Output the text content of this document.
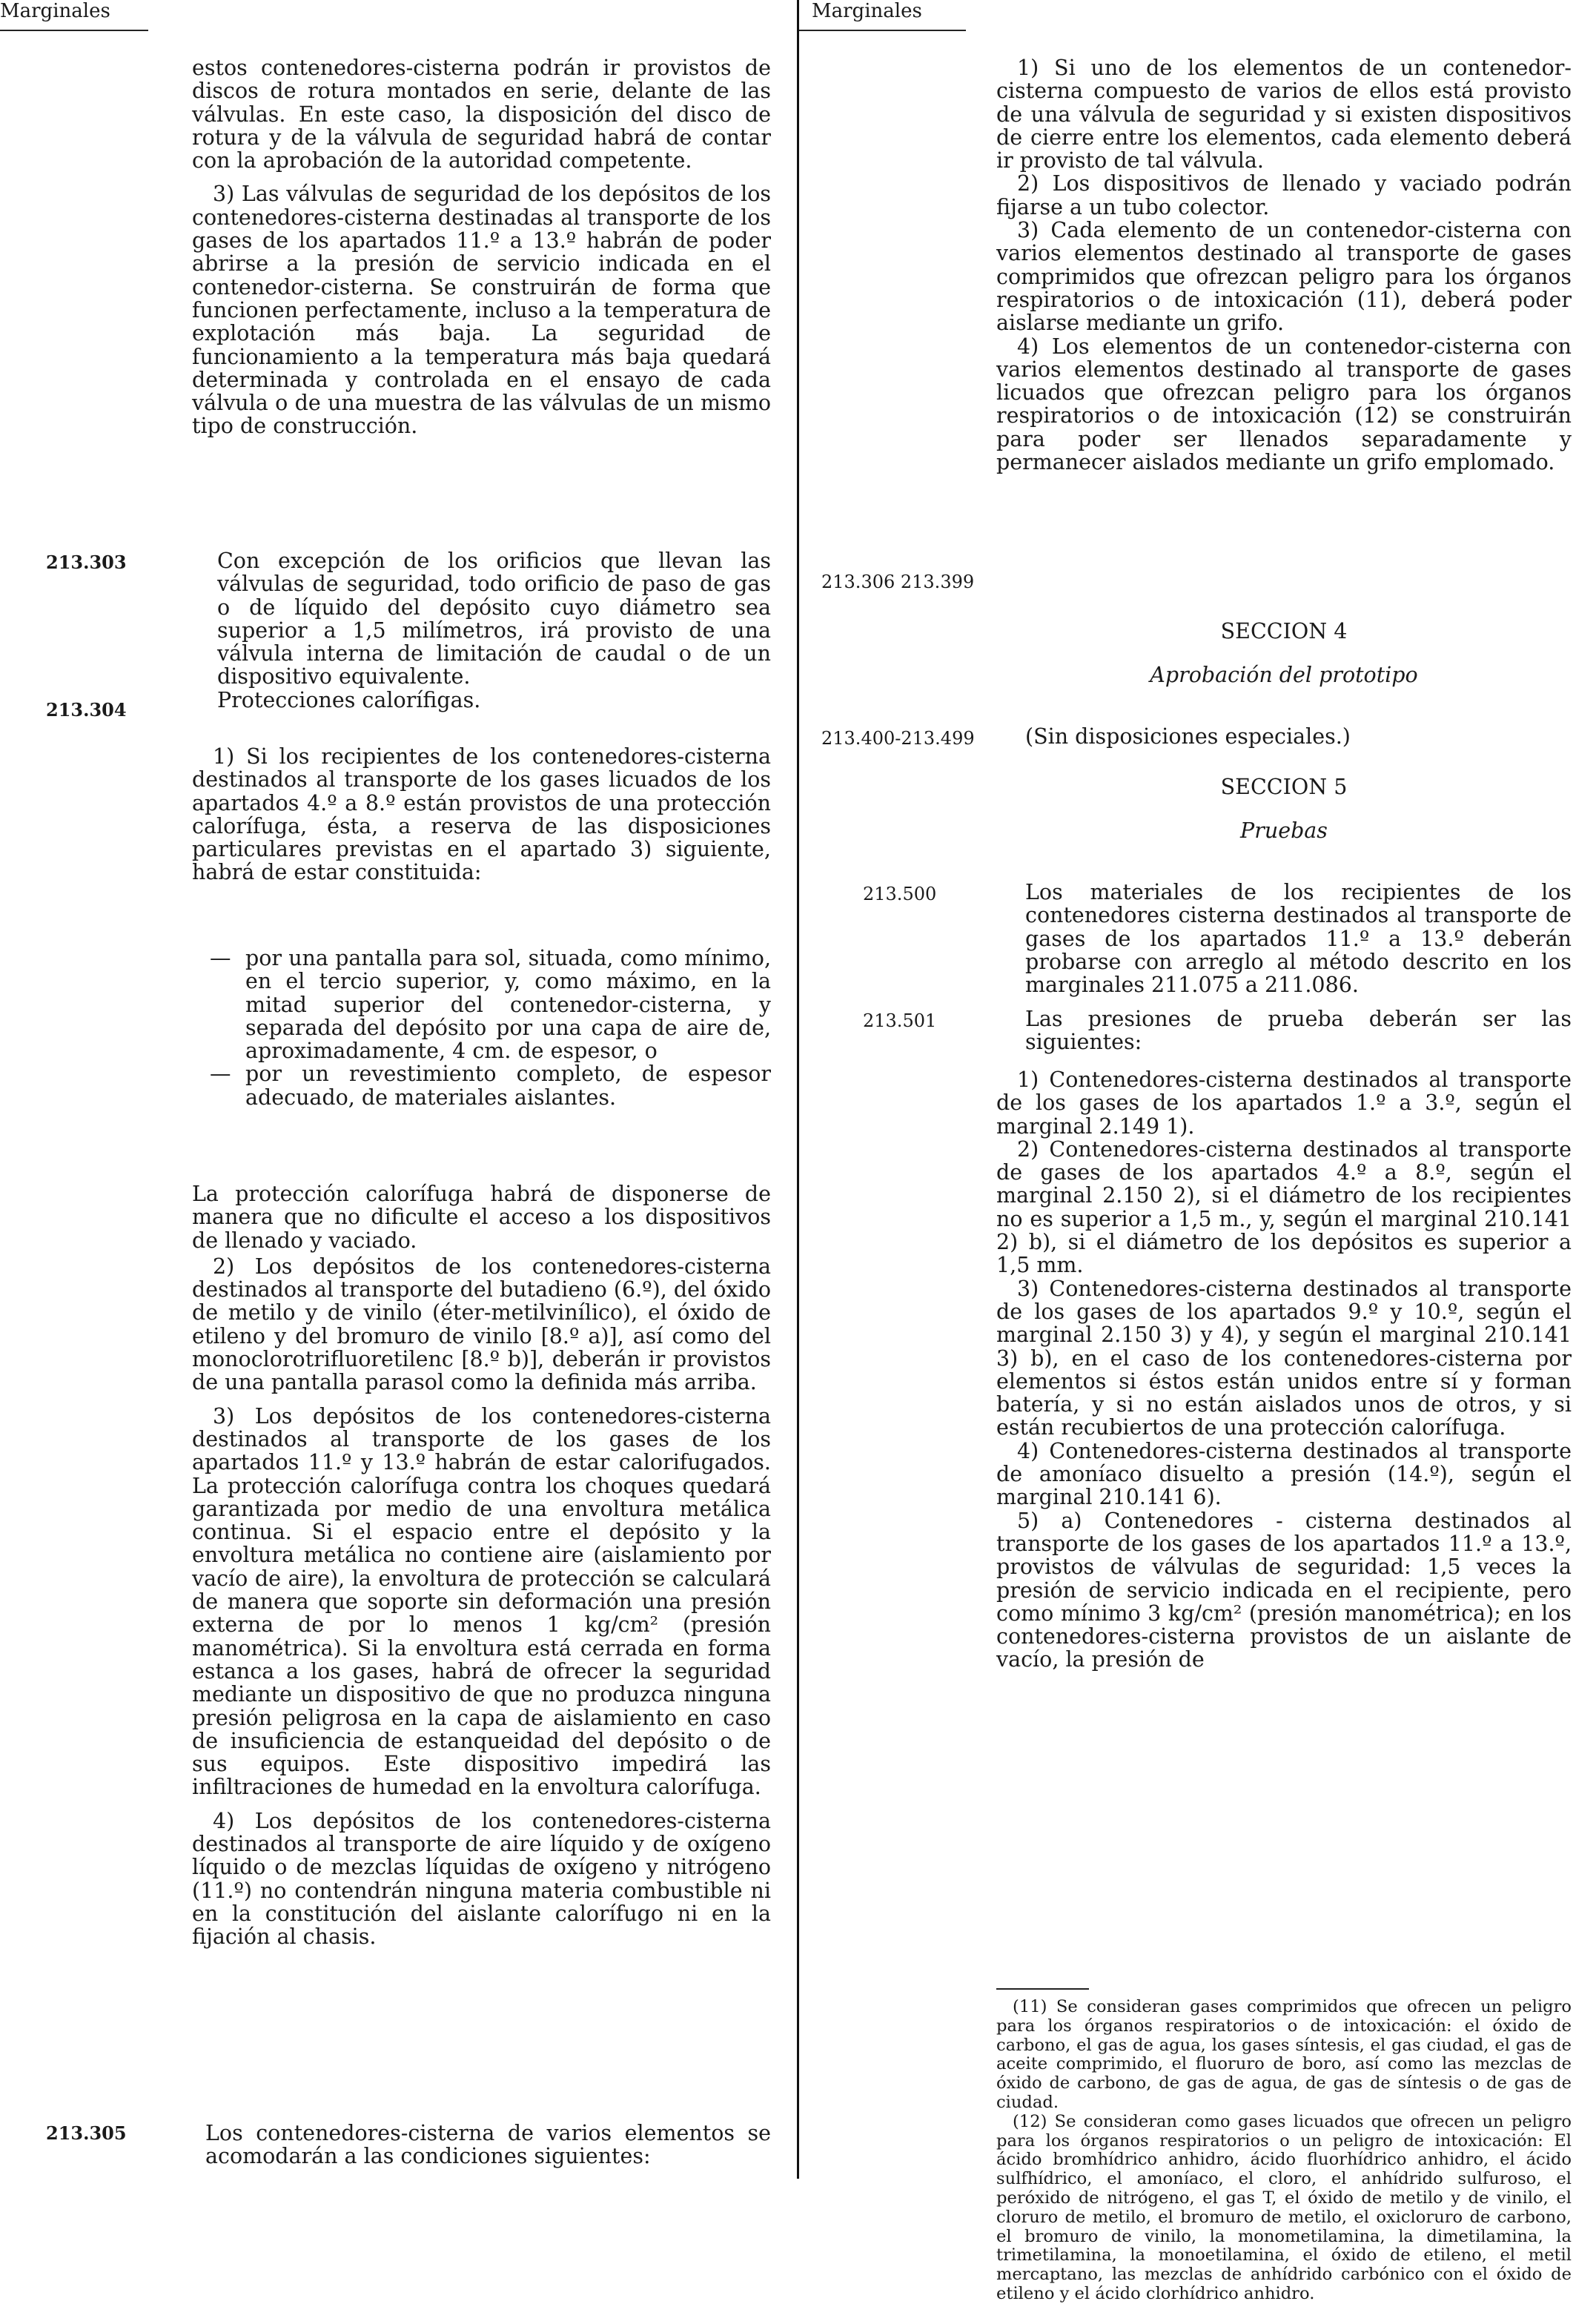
Marginales	Marginales

estos contenedores-cisterna podrán ir provistos de discos de rotura montados en serie, delante de las válvulas. En este caso, la disposición del disco de rotura y de la válvula de seguridad habrá de contar con la aprobación de la autoridad competente.

3) Las válvulas de seguridad de los depósitos de los contenedores-cisterna destinadas al transporte de los gases de los apartados 11.º a 13.º habrán de poder abrirse a la presión de servicio indicada en el contenedor-cisterna. Se construirán de forma que funcionen perfectamente, incluso a la temperatura de explotación más baja. La seguridad de funcionamiento a la temperatura más baja quedará determinada y controlada en el ensayo de cada válvula o de una muestra de las válvulas de un mismo tipo de construcción.

213.303	Con excepción de los orificios que llevan las válvulas de seguridad, todo orificio de paso de gas o de líquido del depósito cuyo diámetro sea superior a 1,5 milímetros, irá provisto de una válvula interna de limitación de caudal o de un dispositivo equivalente.

Protecciones caloríﬁgas.

213.304

1) Si los recipientes de los contenedores-cisterna destinados al transporte de los gases licuados de los apartados 4.º a 8.º están provistos de una protección calorífuga, ésta, a reserva de las disposiciones particulares previstas en el apartado 3) siguiente, habrá de estar constituida:

— por una pantalla para sol, situada, como mínimo, en el tercio superior, y, como máximo, en la mitad superior del contenedor-cisterna, y separada del depósito por una capa de aire de, aproximadamente, 4 cm. de espesor, o

— por un revestimiento completo, de espesor adecuado, de materiales aislantes.

La protección calorífuga habrá de disponerse de manera que no dificulte el acceso a los dispositivos de llenado y vaciado.

2) Los depósitos de los contenedores-cisterna destinados al transporte del butadieno (6.º), del óxido de metilo y de vinilo (éter-metilvinílico), el óxido de etileno y del bromuro de vinilo [8.º a)], así como del monoclorotrifluoretilenc [8.º b)], deberán ir provistos de una pantalla parasol como la definida más arriba.

3) Los depósitos de los contenedores-cisterna destinados al transporte de los gases de los apartados 11.º y 13.º habrán de estar calorifugados. La protección calorífuga contra los choques quedará garantizada por medio de una envoltura metálica continua. Si el espacio entre el depósito y la envoltura metálica no contiene aire (aislamiento por vacío de aire), la envoltura de protección se calculará de manera que soporte sin deformación una presión externa de por lo menos 1 kg/cm² (presión manométrica). Si la envoltura está cerrada en forma estanca a los gases, habrá de ofrecer la seguridad mediante un dispositivo de que no produzca ninguna presión peligrosa en la capa de aislamiento en caso de insuficiencia de estanqueidad del depósito o de sus equipos. Este dispositivo impedirá las infiltraciones de humedad en la envoltura calorífuga.

4) Los depósitos de los contenedores-cisterna destinados al transporte de aire líquido y de oxígeno líquido o de mezclas líquidas de oxígeno y nitrógeno (11.º) no contendrán ninguna materia combustible ni en la constitución del aislante calorífugo ni en la fijación al chasis.

213.305	Los contenedores-cisterna de varios elementos se acomodarán a las condiciones siguientes:

1) Si uno de los elementos de un contenedor-cisterna compuesto de varios de ellos está provisto de una válvula de seguridad y si existen dispositivos de cierre entre los elementos, cada elemento deberá ir provisto de tal válvula.

2) Los dispositivos de llenado y vaciado podrán fijarse a un tubo colector.

3) Cada elemento de un contenedor-cisterna con varios elementos destinado al transporte de gases comprimidos que ofrezcan peligro para los órganos respiratorios o de intoxicación (11), deberá poder aislarse mediante un grifo.

4) Los elementos de un contenedor-cisterna con varios elementos destinado al transporte de gases licuados que ofrezcan peligro para los órganos respiratorios o de intoxicación (12) se construirán para poder ser llenados separadamente y permanecer aislados mediante un grifo emplomado.

213.306 213.399

SECCION 4

Aprobación del prototipo

213.400-213.499 (Sin disposiciones especiales.)

SECCION 5

Pruebas

213.500	Los materiales de los recipientes de los contenedores cisterna destinados al transporte de gases de los apartados 11.º a 13.º deberán probarse con arreglo al método descrito en los marginales 211.075 a 211.086.

213.501	Las presiones de prueba deberán ser las siguientes:

1) Contenedores-cisterna destinados al transporte de los gases de los apartados 1.º a 3.º, según el marginal 2.149 1).

2) Contenedores-cisterna destinados al transporte de gases de los apartados 4.º a 8.º, según el marginal 2.150 2), si el diámetro de los recipientes no es superior a 1,5 m., y, según el marginal 210.141 2) b), si el diámetro de los depósitos es superior a 1,5 mm.

3) Contenedores-cisterna destinados al transporte de los gases de los apartados 9.º y 10.º, según el marginal 2.150 3) y 4), y según el marginal 210.141 3) b), en el caso de los contenedores-cisterna por elementos si éstos están unidos entre sí y forman batería, y si no están aislados unos de otros, y si están recubiertos de una protección calorífuga.

4) Contenedores-cisterna destinados al transporte de amoníaco disuelto a presión (14.º), según el marginal 210.141 6).

5) a) Contenedores - cisterna destinados al transporte de los gases de los apartados 11.º a 13.º, provistos de válvulas de seguridad: 1,5 veces la presión de servicio indicada en el recipiente, pero como mínimo 3 kg/cm² (presión manométrica); en los contenedores-cisterna provistos de un aislante de vacío, la presión de

(11) Se consideran gases comprimidos que ofrecen un peligro para los órganos respiratorios o de intoxicación: el óxido de carbono, el gas de agua, los gases síntesis, el gas ciudad, el gas de aceite comprimido, el fluoruro de boro, así como las mezclas de óxido de carbono, de gas de agua, de gas de síntesis o de gas de ciudad.

(12) Se consideran como gases licuados que ofrecen un peligro para los órganos respiratorios o un peligro de intoxicación: El ácido bromhídrico anhidro, ácido fluorhídrico anhidro, el ácido sulfhídrico, el amoníaco, el cloro, el anhídrido sulfuroso, el peróxido de nitrógeno, el gas T, el óxido de metilo y de vinilo, el cloruro de metilo, el bromuro de metilo, el oxicloruro de carbono, el bromuro de vinilo, la monometilamina, la dimetilamina, la trimetilamina, la monoetilamina, el óxido de etileno, el metil mercaptano, las mezclas de anhídrido carbónico con el óxido de etileno y el ácido clorhídrico anhidro.
